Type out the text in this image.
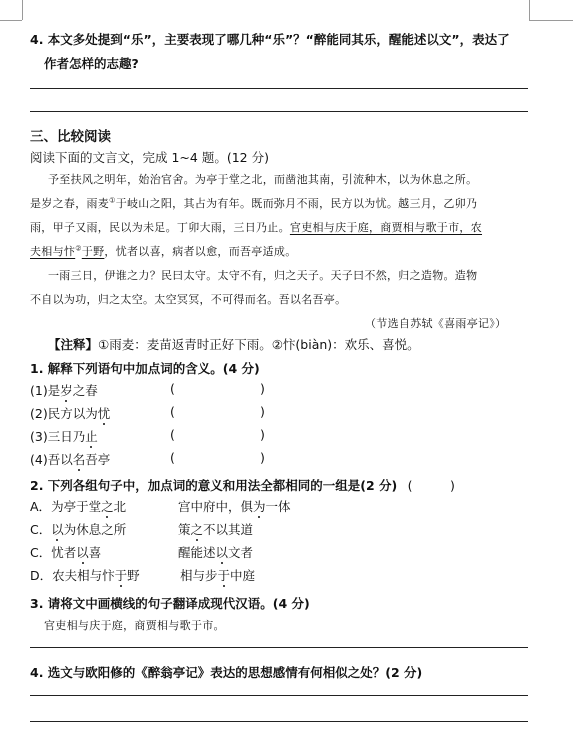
4. 本文多处提到“乐”，主要表现了哪几种“乐”？“醉能同其乐，醒能述以文”，表达了
作者怎样的志趣?
三、比较阅读
阅读下面的文言文，完成 1~4 题。(12 分)
予至扶风之明年，始治官舍。为亭于堂之北，而凿池其南，引流种木，以为休息之所。
是岁之春，雨麦①于岐山之阳，其占为有年。既而弥月不雨，民方以为忧。越三月，乙卯乃
雨，甲子又雨，民以为未足。丁卯大雨，三日乃止。官吏相与庆于庭，商贾相与歌于市，农
夫相与忭②于野，忧者以喜，病者以愈，而吾亭适成。
一雨三日，伊谁之力？民曰太守。太守不有，归之天子。天子曰不然，归之造物。造物
不自以为功，归之太空。太空冥冥，不可得而名。吾以名吾亭。
（节选自苏轼《喜雨亭记》）
【注释】①雨麦：麦苗返青时正好下雨。②忭(biàn)：欢乐、喜悦。
1. 解释下列语句中加点词的含义。(4 分)
(1)是岁之春	(	)
(2)民方以为忧	(	)
(3)三日乃止	(	)
(4)吾以名吾亭	(	)
2. 下列各组句子中，加点词的意义和用法全都相同的一组是(2 分) (　　　)
A．为亭于堂之北	宫中府中，俱为一体
C．以为休息之所	策之不以其道
C．忧者以喜	醒能述以文者
D．农夫相与忭于野	相与步于中庭
3. 请将文中画横线的句子翻译成现代汉语。(4 分)
官吏相与庆于庭，商贾相与歌于市。
4. 选文与欧阳修的《醉翁亭记》表达的思想感情有何相似之处？(2 分)
